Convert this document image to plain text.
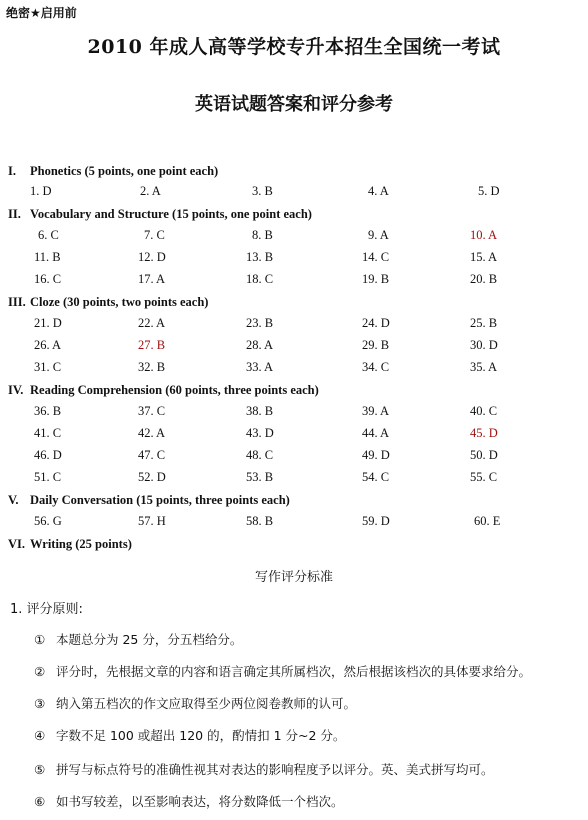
绝密★启用前
2010 年成人高等学校专升本招生全国统一考试
英语试题答案和评分参考
I. Phonetics (5 points, one point each)
1. D	2. A	3. B	4. A	5. D
II. Vocabulary and Structure (15 points, one point each)
6. C	7. C	8. B	9. A	10. A
11. B	12. D	13. B	14. C	15. A
16. C	17. A	18. C	19. B	20. B
III. Cloze (30 points, two points each)
21. D	22. A	23. B	24. D	25. B
26. A	27. B	28. A	29. B	30. D
31. C	32. B	33. A	34. C	35. A
IV. Reading Comprehension (60 points, three points each)
36. B	37. C	38. B	39. A	40. C
41. C	42. A	43. D	44. A	45. D
46. D	47. C	48. C	49. D	50. D
51. C	52. D	53. B	54. C	55. C
V. Daily Conversation (15 points, three points each)
56. G	57. H	58. B	59. D	60. E
VI. Writing (25 points)
写作评分标准
1. 评分原则:
① 本题总分为 25 分，分五档给分。
② 评分时，先根据文章的内容和语言确定其所属档次，然后根据该档次的具体要求给分。
③ 纳入第五档次的作文应取得至少两位阅卷教师的认可。
④ 字数不足 100 或超出 120 的，酌情扣 1 分~2 分。
⑤ 拼写与标点符号的准确性视其对表达的影响程度予以评分。英、美式拼写均可。
⑥ 如书写较差，以至影响表达，将分数降低一个档次。
